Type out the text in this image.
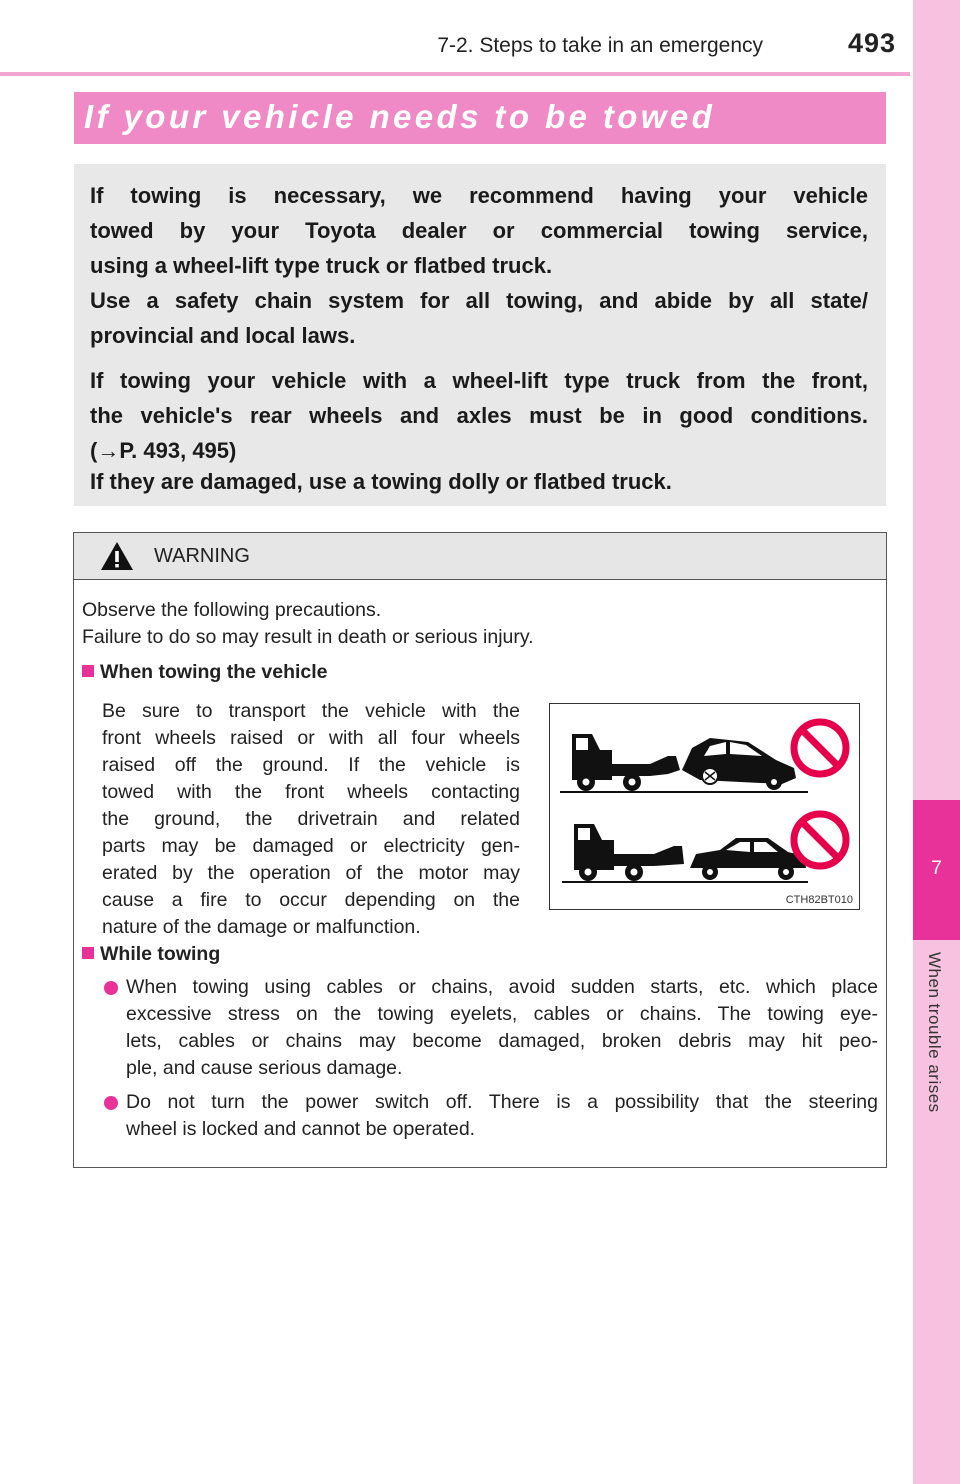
7-2. Steps to take in an emergency	493
7
When trouble arises
If your vehicle needs to be towed

If towing is necessary, we recommend having your vehicle

towed by your Toyota dealer or commercial towing service,

using a wheel-lift type truck or flatbed truck.

Use a safety chain system for all towing, and abide by all state/

provincial and local laws.

If towing your vehicle with a wheel-lift type truck from the front,

the vehicle's rear wheels and axles must be in good conditions.

(→P. 493, 495)

If they are damaged, use a towing dolly or flatbed truck.

WARNING

Observe the following precautions.

Failure to do so may result in death or serious injury.

When towing the vehicle

Be sure to transport the vehicle with the

front wheels raised or with all four wheels

raised off the ground. If the vehicle is

towed with the front wheels contacting

the ground, the drivetrain and related

parts may be damaged or electricity gen-

erated by the operation of the motor may

cause a fire to occur depending on the

nature of the damage or malfunction.

While towing

When towing using cables or chains, avoid sudden starts, etc. which place

excessive stress on the towing eyelets, cables or chains. The towing eye-

lets, cables or chains may become damaged, broken debris may hit peo-

ple, and cause serious damage.

Do not turn the power switch off. There is a possibility that the steering

wheel is locked and cannot be operated.

CTH82BT010
